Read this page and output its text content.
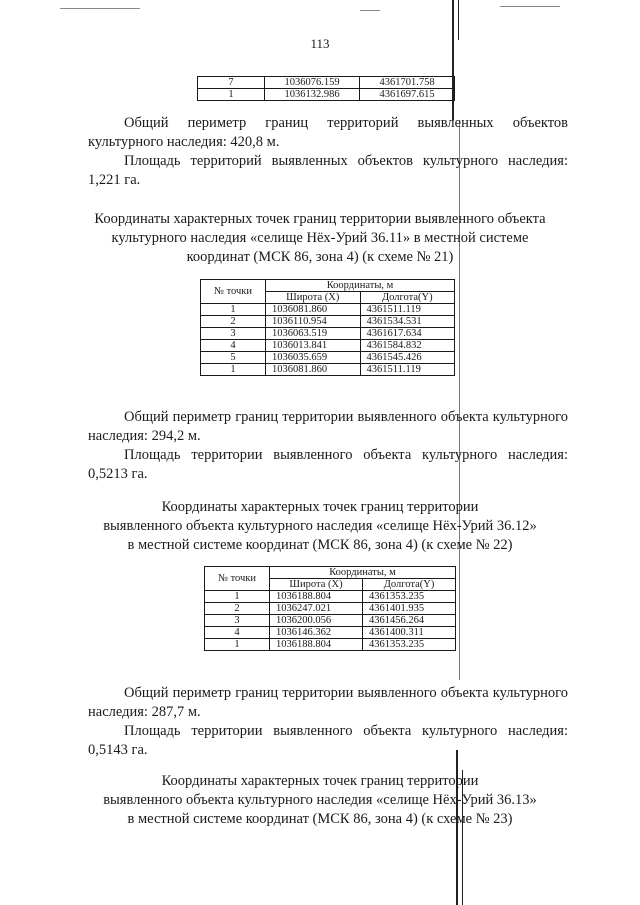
113
7	1036076.159	4361701.758
1	1036132.986	4361697.615

Общий периметр границ территорий выявленных объектов культурного наследия: 420,8 м.

Площадь территорий выявленных объектов культурного наследия: 1,221 га.

Координаты характерных точек границ территории выявленного объекта
культурного наследия «селище Нёх-Урий 36.11» в местной системе
координат (МСК 86, зона 4) (к схеме № 21)
№ точки	Координаты, м	
	Широта (X)	Долгота(Y)
1	1036081.860	4361511.119
2	1036110.954	4361534.531
3	1036063.519	4361617.634
4	1036013.841	4361584.832
5	1036035.659	4361545.426
1	1036081.860	4361511.119

Общий периметр границ территории выявленного объекта культурного наследия: 294,2 м.

Площадь территории выявленного объекта культурного наследия: 0,5213 га.

Координаты характерных точек границ территории
выявленного объекта культурного наследия «селище Нёх-Урий 36.12»
в местной системе координат (МСК 86, зона 4) (к схеме № 22)
№ точки	Координаты, м	
	Широта (X)	Долгота(Y)
1	1036188.804	4361353.235
2	1036247.021	4361401.935
3	1036200.056	4361456.264
4	1036146.362	4361400.311
1	1036188.804	4361353.235

Общий периметр границ территории выявленного объекта культурного наследия: 287,7 м.

Площадь территории выявленного объекта культурного наследия: 0,5143 га.

Координаты характерных точек границ территории
выявленного объекта культурного наследия «селище Нёх-Урий 36.13»
в местной системе координат (МСК 86, зона 4) (к схеме № 23)
